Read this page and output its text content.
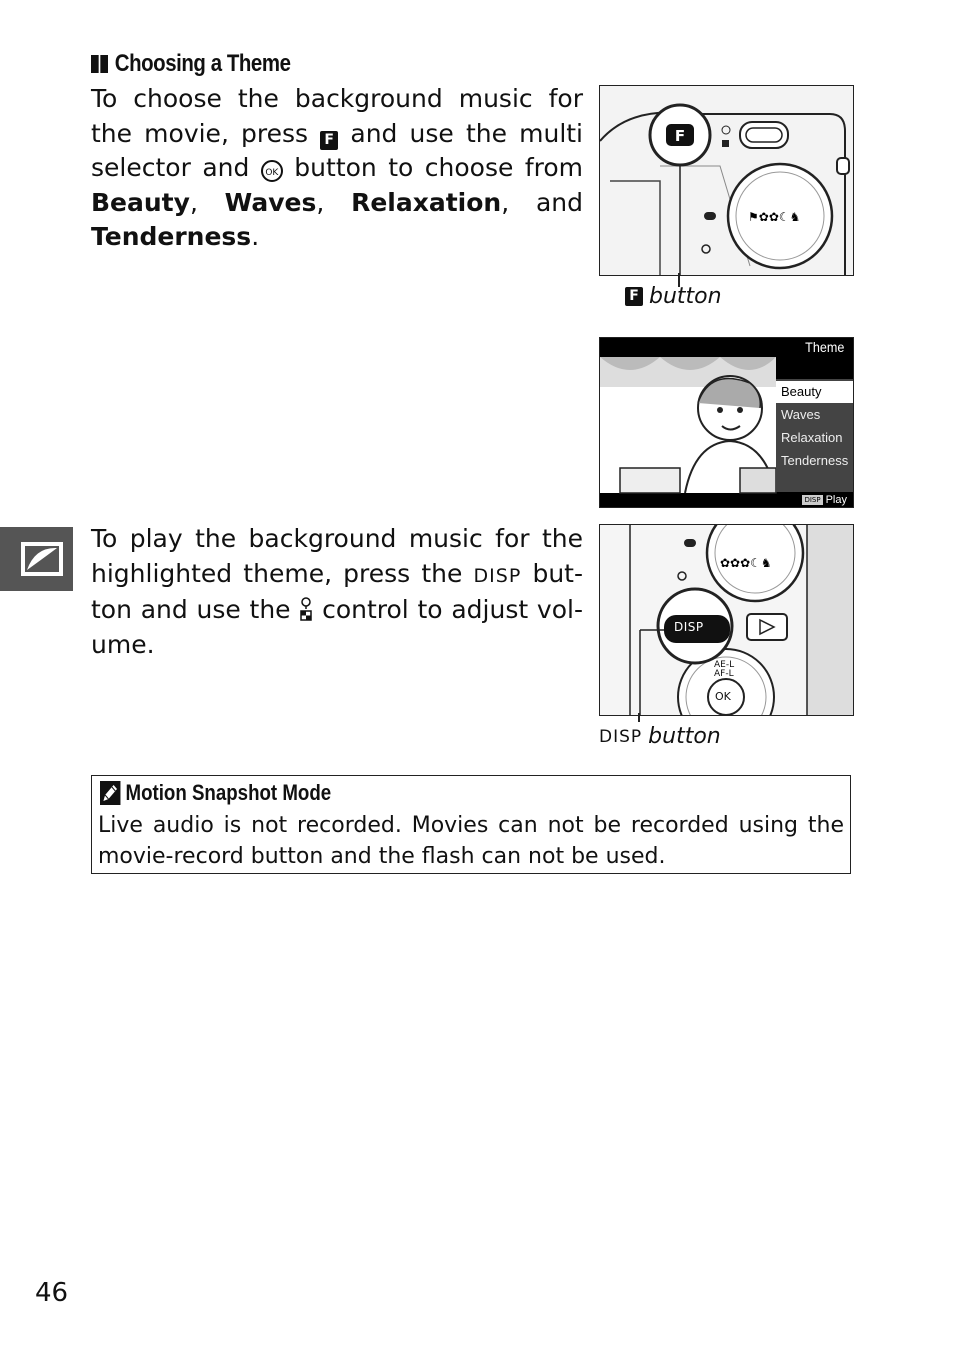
Choosing a Theme
To choose the background music for the movie, press F and use the multi selector and OK button to choose from Beauty, Waves, Relaxation, and Tenderness.
⚑✿✿☾♞
F
F button
Theme
Beauty
Waves
Relaxation
Tenderness
DISP Play
To play the background music for the highlighted theme, press the DISP but- ton and use the control to adjust vol- ume.
✿✿✿☾♞
DISP
AE-L
AF-L
OK
DISP button
Motion Snapshot Mode
Live audio is not recorded. Movies can not be recorded using the movie-record button and the flash can not be used.
46
